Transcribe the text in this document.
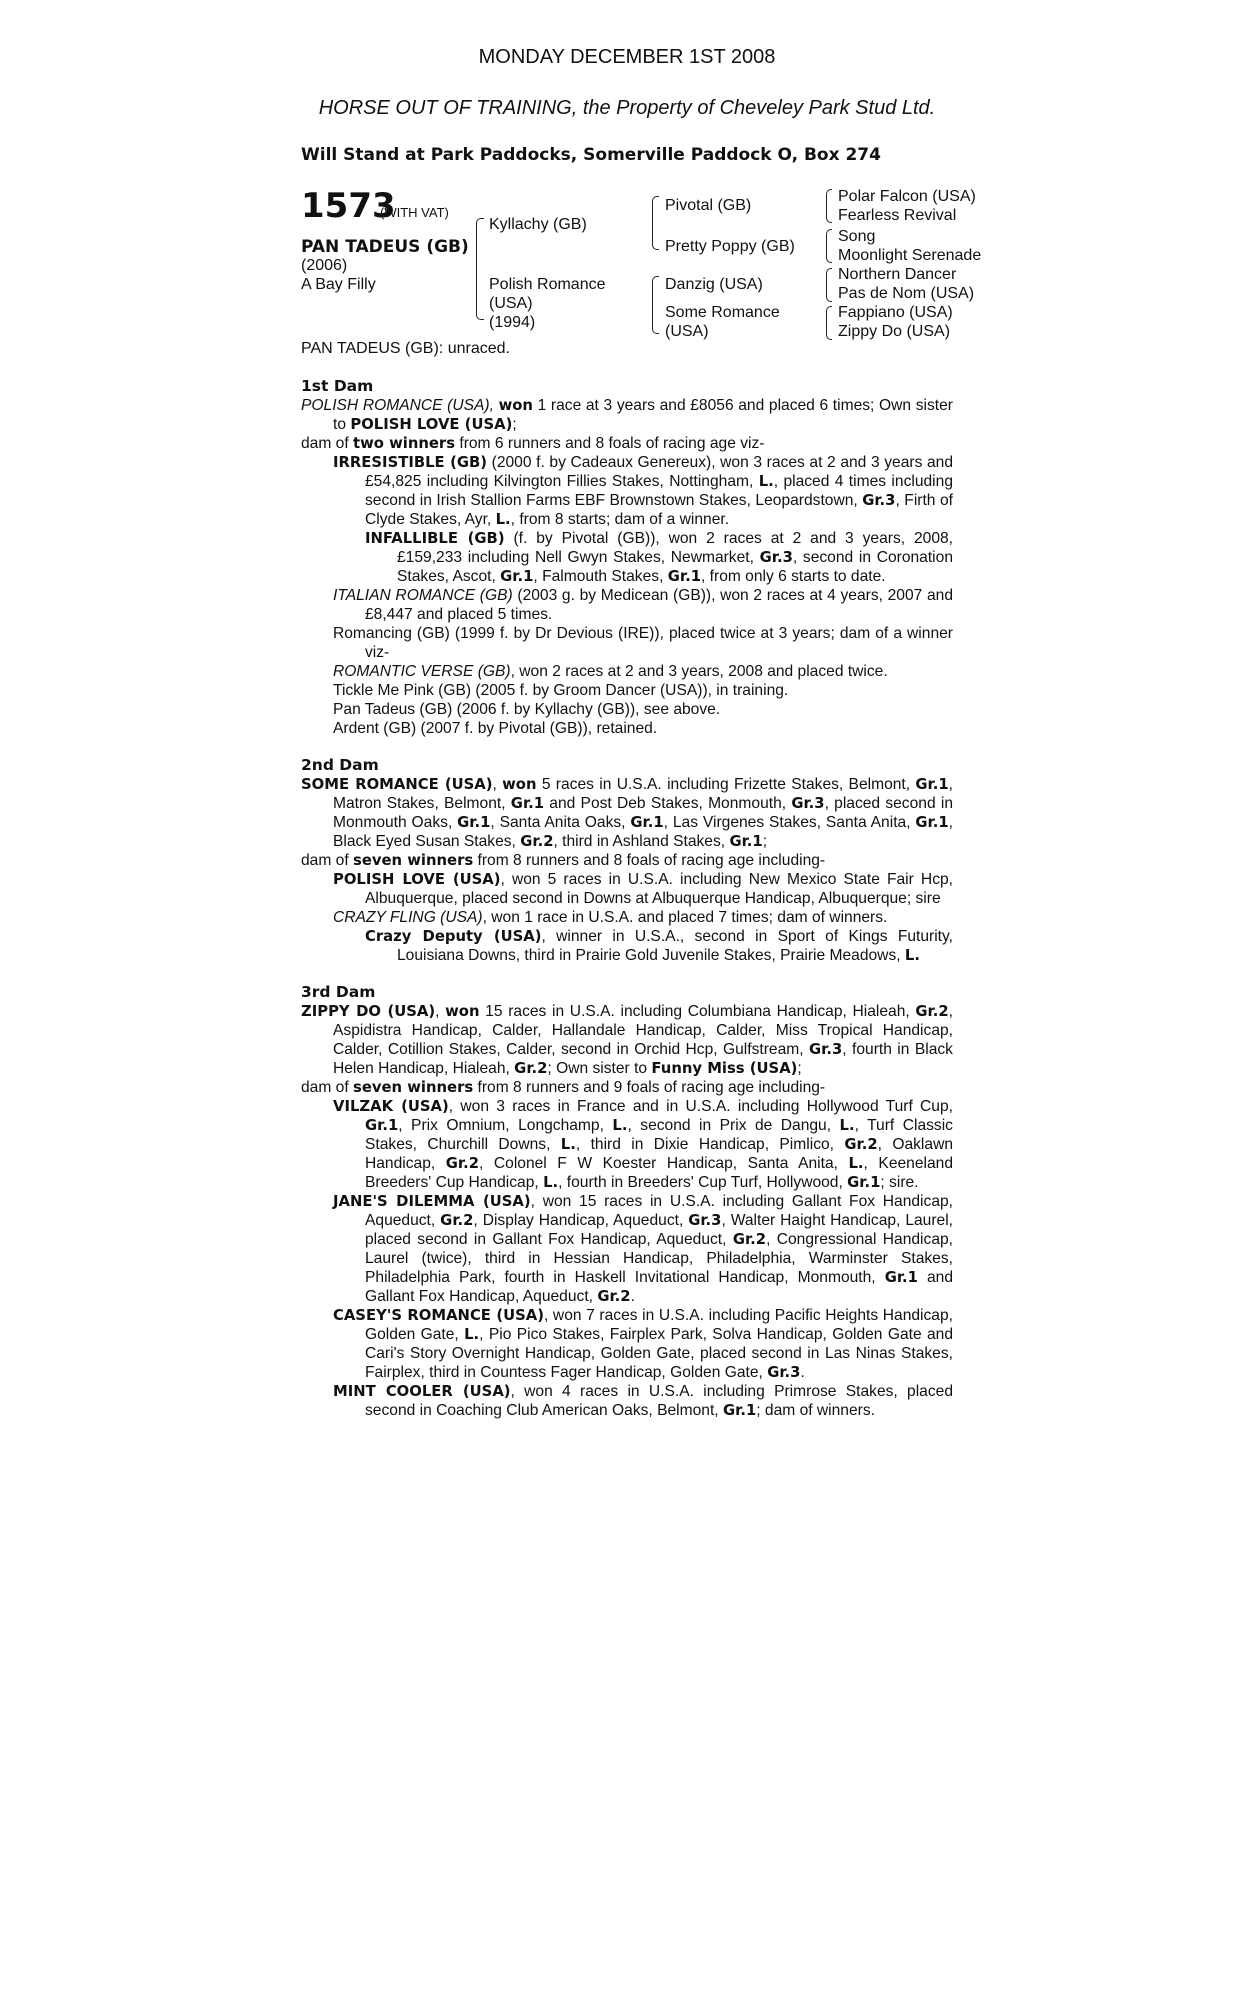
MONDAY DECEMBER 1ST 2008
HORSE OUT OF TRAINING, the Property of Cheveley Park Stud Ltd.
Will Stand at Park Paddocks, Somerville Paddock O, Box 274
1573
(WITH VAT)
PAN TADEUS (GB)
(2006)
A Bay Filly
Kyllachy (GB)
Polish Romance
(USA)
(1994)
Pivotal (GB)
Pretty Poppy (GB)
Danzig (USA)
Some Romance
(USA)
Polar Falcon (USA)
Fearless Revival
Song
Moonlight Serenade
Northern Dancer
Pas de Nom (USA)
Fappiano (USA)
Zippy Do (USA)
PAN TADEUS (GB): unraced.
1st Dam
POLISH ROMANCE (USA), won 1 race at 3 years and £8056 and placed 6 times; Own sister to POLISH LOVE (USA);
dam of two winners from 6 runners and 8 foals of racing age viz-
IRRESISTIBLE (GB) (2000 f. by Cadeaux Genereux), won 3 races at 2 and 3 years and £54,825 including Kilvington Fillies Stakes, Nottingham, L., placed 4 times including second in Irish Stallion Farms EBF Brownstown Stakes, Leopardstown, Gr.3, Firth of Clyde Stakes, Ayr, L., from 8 starts; dam of a winner.
INFALLIBLE (GB) (f. by Pivotal (GB)), won 2 races at 2 and 3 years, 2008, £159,233 including Nell Gwyn Stakes, Newmarket, Gr.3, second in Coronation Stakes, Ascot, Gr.1, Falmouth Stakes, Gr.1, from only 6 starts to date.
ITALIAN ROMANCE (GB) (2003 g. by Medicean (GB)), won 2 races at 4 years, 2007 and £8,447 and placed 5 times.
Romancing (GB) (1999 f. by Dr Devious (IRE)), placed twice at 3 years; dam of a winner viz-
ROMANTIC VERSE (GB), won 2 races at 2 and 3 years, 2008 and placed twice.
Tickle Me Pink (GB) (2005 f. by Groom Dancer (USA)), in training.
Pan Tadeus (GB) (2006 f. by Kyllachy (GB)), see above.
Ardent (GB) (2007 f. by Pivotal (GB)), retained.
2nd Dam
SOME ROMANCE (USA), won 5 races in U.S.A. including Frizette Stakes, Belmont, Gr.1, Matron Stakes, Belmont, Gr.1 and Post Deb Stakes, Monmouth, Gr.3, placed second in Monmouth Oaks, Gr.1, Santa Anita Oaks, Gr.1, Las Virgenes Stakes, Santa Anita, Gr.1, Black Eyed Susan Stakes, Gr.2, third in Ashland Stakes, Gr.1;
dam of seven winners from 8 runners and 8 foals of racing age including-
POLISH LOVE (USA), won 5 races in U.S.A. including New Mexico State Fair Hcp, Albuquerque, placed second in Downs at Albuquerque Handicap, Albuquerque; sire
CRAZY FLING (USA), won 1 race in U.S.A. and placed 7 times; dam of winners.
Crazy Deputy (USA), winner in U.S.A., second in Sport of Kings Futurity, Louisiana Downs, third in Prairie Gold Juvenile Stakes, Prairie Meadows, L.
3rd Dam
ZIPPY DO (USA), won 15 races in U.S.A. including Columbiana Handicap, Hialeah, Gr.2, Aspidistra Handicap, Calder, Hallandale Handicap, Calder, Miss Tropical Handicap, Calder, Cotillion Stakes, Calder, second in Orchid Hcp, Gulfstream, Gr.3, fourth in Black Helen Handicap, Hialeah, Gr.2; Own sister to Funny Miss (USA);
dam of seven winners from 8 runners and 9 foals of racing age including-
VILZAK (USA), won 3 races in France and in U.S.A. including Hollywood Turf Cup, Gr.1, Prix Omnium, Longchamp, L., second in Prix de Dangu, L., Turf Classic Stakes, Churchill Downs, L., third in Dixie Handicap, Pimlico, Gr.2, Oaklawn Handicap, Gr.2, Colonel F W Koester Handicap, Santa Anita, L., Keeneland Breeders' Cup Handicap, L., fourth in Breeders' Cup Turf, Hollywood, Gr.1; sire.
JANE'S DILEMMA (USA), won 15 races in U.S.A. including Gallant Fox Handicap, Aqueduct, Gr.2, Display Handicap, Aqueduct, Gr.3, Walter Haight Handicap, Laurel, placed second in Gallant Fox Handicap, Aqueduct, Gr.2, Congressional Handicap, Laurel (twice), third in Hessian Handicap, Philadelphia, Warminster Stakes, Philadelphia Park, fourth in Haskell Invitational Handicap, Monmouth, Gr.1 and Gallant Fox Handicap, Aqueduct, Gr.2.
CASEY'S ROMANCE (USA), won 7 races in U.S.A. including Pacific Heights Handicap, Golden Gate, L., Pio Pico Stakes, Fairplex Park, Solva Handicap, Golden Gate and Cari's Story Overnight Handicap, Golden Gate, placed second in Las Ninas Stakes, Fairplex, third in Countess Fager Handicap, Golden Gate, Gr.3.
MINT COOLER (USA), won 4 races in U.S.A. including Primrose Stakes, placed second in Coaching Club American Oaks, Belmont, Gr.1; dam of winners.
